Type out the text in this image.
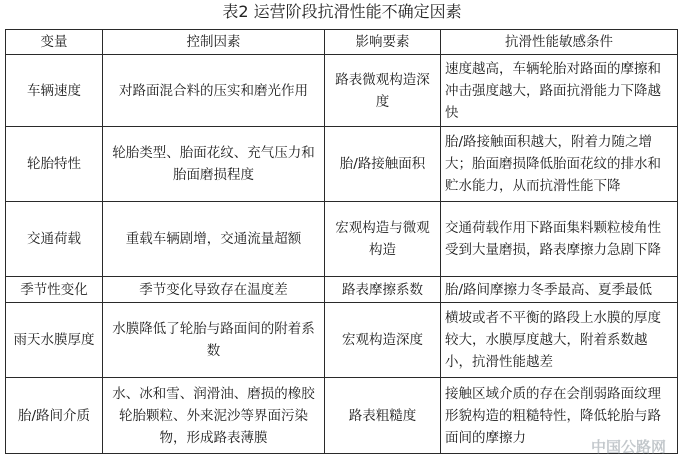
表2 运营阶段抗滑性能不确定因素
变量	控制因素	影响要素	抗滑性能敏感条件
车辆速度	对路面混合料的压实和磨光作用	路表微观构造深度	速度越高，车辆轮胎对路面的摩擦和冲击强度越大，路面抗滑能力下降越快
轮胎特性	轮胎类型、胎面花纹、充气压力和胎面磨损程度	胎/路接触面积	胎/路接触面积越大，附着力随之增大；胎面磨损降低胎面花纹的排水和贮水能力，从而抗滑性能下降
交通荷载	重载车辆剧增，交通流量超额	宏观构造与微观构造	交通荷载作用下路面集料颗粒棱角性受到大量磨损，路表摩擦力急剧下降
季节性变化	季节变化导致存在温度差	路表摩擦系数	胎/路间摩擦力冬季最高、夏季最低
雨天水膜厚度	水膜降低了轮胎与路面间的附着系数	宏观构造深度	横坡或者不平衡的路段上水膜的厚度较大，水膜厚度越大，附着系数越小，抗滑性能越差
胎/路间介质	水、冰和雪、润滑油、磨损的橡胶轮胎颗粒、外来泥沙等界面污染物，形成路表薄膜	路表粗糙度	接触区域介质的存在会削弱路面纹理形貌构造的粗糙特性，降低轮胎与路面间的摩擦力
中国公路网
